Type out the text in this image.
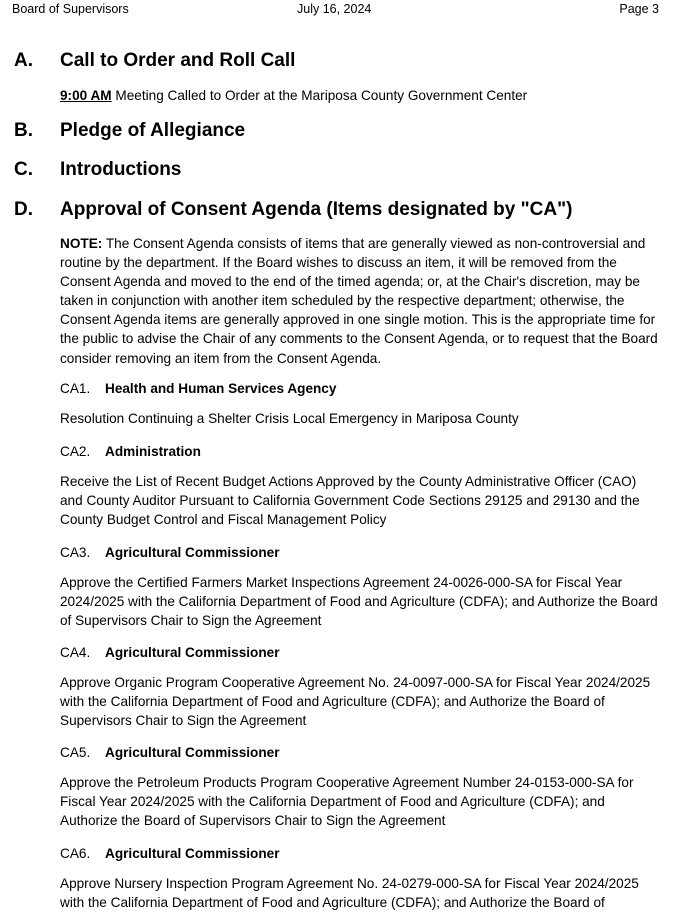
Board of Supervisors	July 16, 2024	Page 3
A. Call to Order and Roll Call
9:00 AM Meeting Called to Order at the Mariposa County Government Center
B. Pledge of Allegiance
C. Introductions
D. Approval of Consent Agenda (Items designated by "CA")
NOTE: The Consent Agenda consists of items that are generally viewed as non-controversial and routine by the department. If the Board wishes to discuss an item, it will be removed from the Consent Agenda and moved to the end of the timed agenda; or, at the Chair's discretion, may be taken in conjunction with another item scheduled by the respective department; otherwise, the Consent Agenda items are generally approved in one single motion. This is the appropriate time for the public to advise the Chair of any comments to the Consent Agenda, or to request that the Board consider removing an item from the Consent Agenda.
CA1. Health and Human Services Agency
Resolution Continuing a Shelter Crisis Local Emergency in Mariposa County
CA2. Administration
Receive the List of Recent Budget Actions Approved by the County Administrative Officer (CAO) and County Auditor Pursuant to California Government Code Sections 29125 and 29130 and the County Budget Control and Fiscal Management Policy
CA3. Agricultural Commissioner
Approve the Certified Farmers Market Inspections Agreement 24-0026-000-SA for Fiscal Year 2024/2025 with the California Department of Food and Agriculture (CDFA); and Authorize the Board of Supervisors Chair to Sign the Agreement
CA4. Agricultural Commissioner
Approve Organic Program Cooperative Agreement No. 24-0097-000-SA for Fiscal Year 2024/2025 with the California Department of Food and Agriculture (CDFA); and Authorize the Board of Supervisors Chair to Sign the Agreement
CA5. Agricultural Commissioner
Approve the Petroleum Products Program Cooperative Agreement Number 24-0153-000-SA for Fiscal Year 2024/2025 with the California Department of Food and Agriculture (CDFA); and Authorize the Board of Supervisors Chair to Sign the Agreement
CA6. Agricultural Commissioner
Approve Nursery Inspection Program Agreement No. 24-0279-000-SA for Fiscal Year 2024/2025 with the California Department of Food and Agriculture (CDFA); and Authorize the Board of
